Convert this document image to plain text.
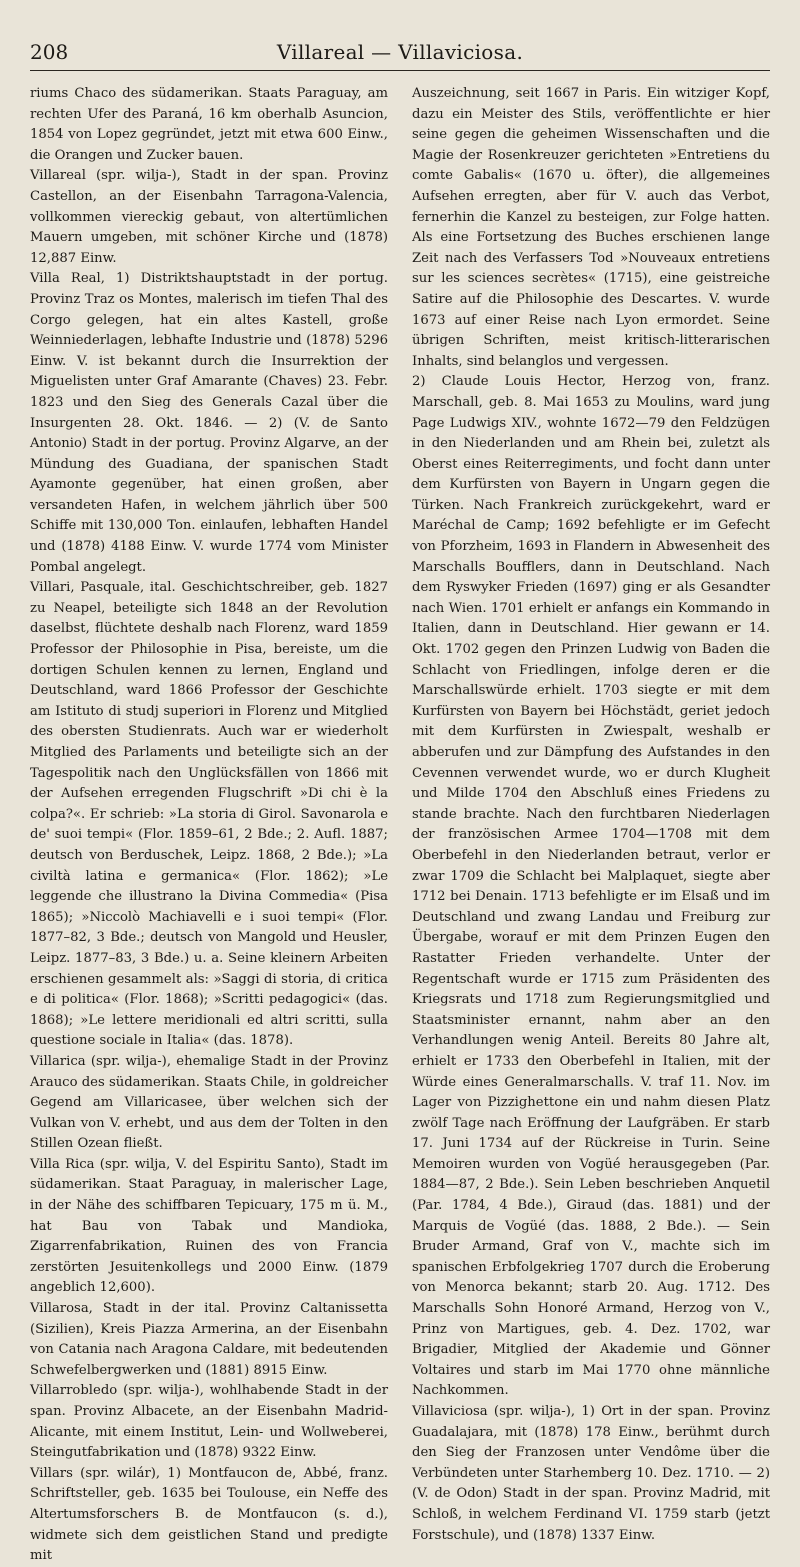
208	Villareal — Villaviciosa.

riums Chaco des südamerikan. Staats Paraguay, am rechten Ufer des Paraná, 16 km oberhalb Asuncion, 1854 von Lopez gegründet, jetzt mit etwa 600 Einw., die Orangen und Zucker bauen.

Villareal (spr. wilja-), Stadt in der span. Provinz Castellon, an der Eisenbahn Tarragona-Valencia, vollkommen viereckig gebaut, von altertümlichen Mauern umgeben, mit schöner Kirche und (1878) 12,887 Einw.

Villa Real, 1) Distriktshauptstadt in der portug. Provinz Traz os Montes, malerisch im tiefen Thal des Corgo gelegen, hat ein altes Kastell, große Weinniederlagen, lebhafte Industrie und (1878) 5296 Einw. V. ist bekannt durch die Insurrektion der Miguelisten unter Graf Amarante (Chaves) 23. Febr. 1823 und den Sieg des Generals Cazal über die Insurgenten 28. Okt. 1846. — 2) (V. de Santo Antonio) Stadt in der portug. Provinz Algarve, an der Mündung des Guadiana, der spanischen Stadt Ayamonte gegenüber, hat einen großen, aber versandeten Hafen, in welchem jährlich über 500 Schiffe mit 130,000 Ton. einlaufen, lebhaften Handel und (1878) 4188 Einw. V. wurde 1774 vom Minister Pombal angelegt.

Villari, Pasquale, ital. Geschichtschreiber, geb. 1827 zu Neapel, beteiligte sich 1848 an der Revolution daselbst, flüchtete deshalb nach Florenz, ward 1859 Professor der Philosophie in Pisa, bereiste, um die dortigen Schulen kennen zu lernen, England und Deutschland, ward 1866 Professor der Geschichte am Istituto di studj superiori in Florenz und Mitglied des obersten Studienrats. Auch war er wiederholt Mitglied des Parlaments und beteiligte sich an der Tagespolitik nach den Unglücksfällen von 1866 mit der Aufsehen erregenden Flugschrift »Di chi è la colpa?«. Er schrieb: »La storia di Girol. Savonarola e de' suoi tempi« (Flor. 1859–61, 2 Bde.; 2. Aufl. 1887; deutsch von Berduschek, Leipz. 1868, 2 Bde.); »La civiltà latina e germanica« (Flor. 1862); »Le leggende che illustrano la Divina Commedia« (Pisa 1865); »Niccolò Machiavelli e i suoi tempi« (Flor. 1877–82, 3 Bde.; deutsch von Mangold und Heusler, Leipz. 1877–83, 3 Bde.) u. a. Seine kleinern Arbeiten erschienen gesammelt als: »Saggi di storia, di critica e di politica« (Flor. 1868); »Scritti pedagogici« (das. 1868); »Le lettere meridionali ed altri scritti, sulla questione sociale in Italia« (das. 1878).

Villarica (spr. wilja-), ehemalige Stadt in der Provinz Arauco des südamerikan. Staats Chile, in goldreicher Gegend am Villaricasee, über welchen sich der Vulkan von V. erhebt, und aus dem der Tolten in den Stillen Ozean fließt.

Villa Rica (spr. wilja, V. del Espiritu Santo), Stadt im südamerikan. Staat Paraguay, in malerischer Lage, in der Nähe des schiffbaren Tepicuary, 175 m ü. M., hat Bau von Tabak und Mandioka, Zigarrenfabrikation, Ruinen des von Francia zerstörten Jesuitenkollegs und 2000 Einw. (1879 angeblich 12,600).

Villarosa, Stadt in der ital. Provinz Caltanissetta (Sizilien), Kreis Piazza Armerina, an der Eisenbahn von Catania nach Aragona Caldare, mit bedeutenden Schwefelbergwerken und (1881) 8915 Einw.

Villarrobledo (spr. wiljа-), wohlhabende Stadt in der span. Provinz Albacete, an der Eisenbahn Madrid-Alicante, mit einem Institut, Lein- und Wollweberei, Steingutfabrikation und (1878) 9322 Einw.

Villars (spr. wilár), 1) Montfaucon de, Abbé, franz. Schriftsteller, geb. 1635 bei Toulouse, ein Neffe des Altertumsforschers B. de Montfaucon (s. d.), widmete sich dem geistlichen Stand und predigte mit

Auszeichnung, seit 1667 in Paris. Ein witziger Kopf, dazu ein Meister des Stils, veröffentlichte er hier seine gegen die geheimen Wissenschaften und die Magie der Rosenkreuzer gerichteten »Entretiens du comte Gabalis« (1670 u. öfter), die allgemeines Aufsehen erregten, aber für V. auch das Verbot, fernerhin die Kanzel zu besteigen, zur Folge hatten. Als eine Fortsetzung des Buches erschienen lange Zeit nach des Verfassers Tod »Nouveaux entretiens sur les sciences secrètes« (1715), eine geistreiche Satire auf die Philosophie des Descartes. V. wurde 1673 auf einer Reise nach Lyon ermordet. Seine übrigen Schriften, meist kritisch-litterarischen Inhalts, sind belanglos und vergessen.

2) Claude Louis Hector, Herzog von, franz. Marschall, geb. 8. Mai 1653 zu Moulins, ward jung Page Ludwigs XIV., wohnte 1672—79 den Feldzügen in den Niederlanden und am Rhein bei, zuletzt als Oberst eines Reiterregiments, und focht dann unter dem Kurfürsten von Bayern in Ungarn gegen die Türken. Nach Frankreich zurückgekehrt, ward er Maréchal de Camp; 1692 befehligte er im Gefecht von Pforzheim, 1693 in Flandern in Abwesenheit des Marschalls Boufflers, dann in Deutschland. Nach dem Ryswyker Frieden (1697) ging er als Gesandter nach Wien. 1701 erhielt er anfangs ein Kommando in Italien, dann in Deutschland. Hier gewann er 14. Okt. 1702 gegen den Prinzen Ludwig von Baden die Schlacht von Friedlingen, infolge deren er die Marschallswürde erhielt. 1703 siegte er mit dem Kurfürsten von Bayern bei Höchstädt, geriet jedoch mit dem Kurfürsten in Zwiespalt, weshalb er abberufen und zur Dämpfung des Aufstandes in den Cevennen verwendet wurde, wo er durch Klugheit und Milde 1704 den Abschluß eines Friedens zu stande brachte. Nach den furchtbaren Niederlagen der französischen Armee 1704—1708 mit dem Oberbefehl in den Niederlanden betraut, verlor er zwar 1709 die Schlacht bei Malplaquet, siegte aber 1712 bei Denain. 1713 befehligte er im Elsaß und im Deutschland und zwang Landau und Freiburg zur Übergabe, worauf er mit dem Prinzen Eugen den Rastatter Frieden verhandelte. Unter der Regentschaft wurde er 1715 zum Präsidenten des Kriegsrats und 1718 zum Regierungsmitglied und Staatsminister ernannt, nahm aber an den Verhandlungen wenig Anteil. Bereits 80 Jahre alt, erhielt er 1733 den Oberbefehl in Italien, mit der Würde eines Generalmarschalls. V. traf 11. Nov. im Lager von Pizzighettone ein und nahm diesen Platz zwölf Tage nach Eröffnung der Laufgräben. Er starb 17. Juni 1734 auf der Rückreise in Turin. Seine Memoiren wurden von Vogüé herausgegeben (Par. 1884—87, 2 Bde.). Sein Leben beschrieben Anquetil (Par. 1784, 4 Bde.), Giraud (das. 1881) und der Marquis de Vogüé (das. 1888, 2 Bde.). — Sein Bruder Armand, Graf von V., machte sich im spanischen Erbfolgekrieg 1707 durch die Eroberung von Menorca bekannt; starb 20. Aug. 1712. Des Marschalls Sohn Honoré Armand, Herzog von V., Prinz von Martigues, geb. 4. Dez. 1702, war Brigadier, Mitglied der Akademie und Gönner Voltaires und starb im Mai 1770 ohne männliche Nachkommen.

Villaviciosa (spr. wilja-), 1) Ort in der span. Provinz Guadalajara, mit (1878) 178 Einw., berühmt durch den Sieg der Franzosen unter Vendôme über die Verbündeten unter Starhemberg 10. Dez. 1710. — 2) (V. de Odon) Stadt in der span. Provinz Madrid, mit Schloß, in welchem Ferdinand VI. 1759 starb (jetzt Forstschule), und (1878) 1337 Einw.
